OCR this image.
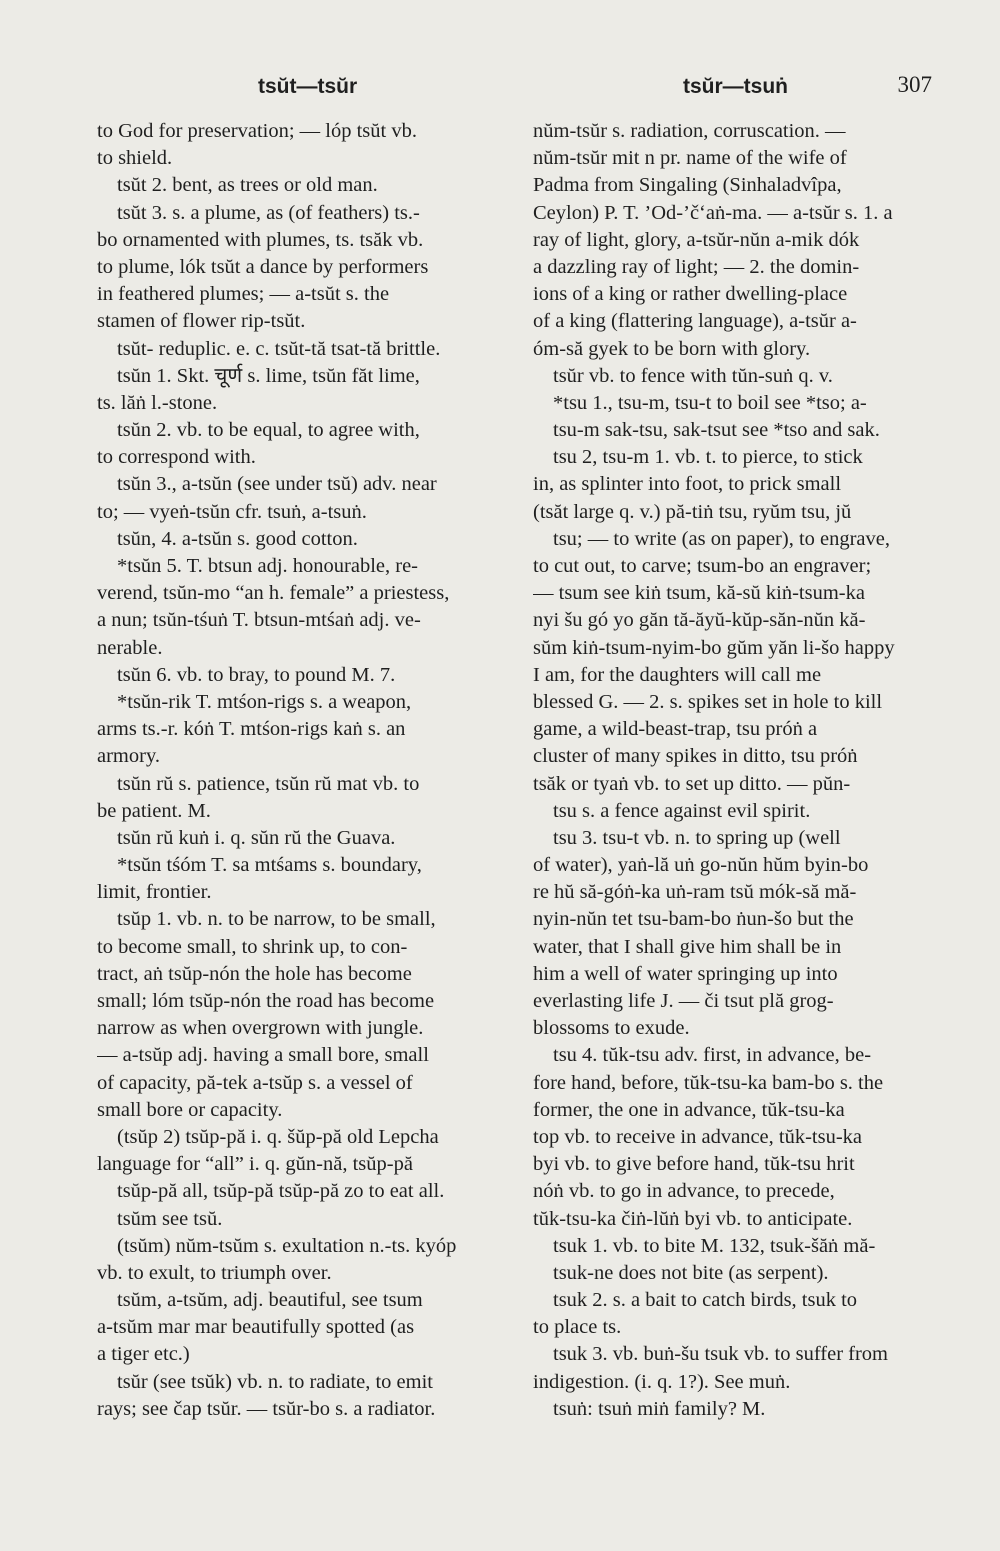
tsŭt—tsŭr	tsŭr—tsuṅ	307
to God for preservation; — lóp tsŭt vb.
to shield.
tsŭt 2. bent, as trees or old man.
tsŭt 3. s. a plume, as (of feathers) ts.-
bo ornamented with plumes, ts. tsăk vb.
to plume, lók tsŭt a dance by performers
in feathered plumes; — a-tsŭt s. the
stamen of flower rip-tsŭt.
tsŭt- reduplic. e. c. tsŭt-tă tsat-tă brittle.
tsŭn 1. Skt. चूर्ण s. lime, tsŭn făt lime,
ts. lăṅ l.-stone.
tsŭn 2. vb. to be equal, to agree with,
to correspond with.
tsŭn 3., a-tsŭn (see under tsŭ) adv. near
to; — vyeṅ-tsŭn cfr. tsuṅ, a-tsuṅ.
tsŭn, 4. a-tsŭn s. good cotton.
*tsŭn 5. T. btsun adj. honourable, re-
verend, tsŭn-mo “an h. female” a priestess,
a nun; tsŭn-tśuṅ T. btsun-mtśaṅ adj. ve-
nerable.
tsŭn 6. vb. to bray, to pound M. 7.
*tsŭn-rik T. mtśon-rigs s. a weapon,
arms ts.-r. kóṅ T. mtśon-rigs kaṅ s. an
armory.
tsŭn rŭ s. patience, tsŭn rŭ mat vb. to
be patient. M.
tsŭn rŭ kuṅ i. q. sŭn rŭ the Guava.
*tsŭn tśóm T. sa mtśams s. boundary,
limit, frontier.
tsŭp 1. vb. n. to be narrow, to be small,
to become small, to shrink up, to con-
tract, aṅ tsŭp-nón the hole has become
small; lóm tsŭp-nón the road has become
narrow as when overgrown with jungle.
— a-tsŭp adj. having a small bore, small
of capacity, pă-tek a-tsŭp s. a vessel of
small bore or capacity.
(tsŭp 2) tsŭp-pă i. q. šŭp-pă old Lepcha
language for “all” i. q. gŭn-nă, tsŭp-pă
tsŭp-pă all, tsŭp-pă tsŭp-pă zo to eat all.
tsŭm see tsŭ.
(tsŭm) nŭm-tsŭm s. exultation n.-ts. kyóp
vb. to exult, to triumph over.
tsŭm, a-tsŭm, adj. beautiful, see tsum
a-tsŭm mar mar beautifully spotted (as
a tiger etc.)
tsŭr (see tsŭk) vb. n. to radiate, to emit
rays; see čap tsŭr. — tsŭr-bo s. a radiator.
nŭm-tsŭr s. radiation, corruscation. —
nŭm-tsŭr mit n pr. name of the wife of
Padma from Singaling (Sinhaladvîpa,
Ceylon) P. T. ’Od-’č‘aṅ-ma. — a-tsŭr s. 1. a
ray of light, glory, a-tsŭr-nŭn a-mik dók
a dazzling ray of light; — 2. the domin-
ions of a king or rather dwelling-place
of a king (flattering language), a-tsŭr a-
óm-să gyek to be born with glory.
tsŭr vb. to fence with tŭn-suṅ q. v.
*tsu 1., tsu-m, tsu-t to boil see *tso; a-
tsu-m sak-tsu, sak-tsut see *tso and sak.
tsu 2, tsu-m 1. vb. t. to pierce, to stick
in, as splinter into foot, to prick small
(tsăt large q. v.) pă-tiṅ tsu, ryŭm tsu, jŭ
tsu; — to write (as on paper), to engrave,
to cut out, to carve; tsum-bo an engraver;
— tsum see kiṅ tsum, kă-sŭ kiṅ-tsum-ka
nyi šu gó yo găn tă-ăyŭ-kŭp-săn-nŭn kă-
sŭm kiṅ-tsum-nyim-bo gŭm yăn li-šo happy
I am, for the daughters will call me
blessed G. — 2. s. spikes set in hole to kill
game, a wild-beast-trap, tsu próṅ a
cluster of many spikes in ditto, tsu próṅ
tsăk or tyaṅ vb. to set up ditto. — pŭn-
tsu s. a fence against evil spirit.
tsu 3. tsu-t vb. n. to spring up (well
of water), yaṅ-lă uṅ go-nŭn hŭm byin-bo
re hŭ să-góṅ-ka uṅ-ram tsŭ mók-să mă-
nyin-nŭn tet tsu-bam-bo ṅun-šo but the
water, that I shall give him shall be in
him a well of water springing up into
everlasting life J. — či tsut plă grog-
blossoms to exude.
tsu 4. tŭk-tsu adv. first, in advance, be-
fore hand, before, tŭk-tsu-ka bam-bo s. the
former, the one in advance, tŭk-tsu-ka
top vb. to receive in advance, tŭk-tsu-ka
byi vb. to give before hand, tŭk-tsu hrit
nóṅ vb. to go in advance, to precede,
tŭk-tsu-ka čiṅ-lŭṅ byi vb. to anticipate.
tsuk 1. vb. to bite M. 132, tsuk-šăṅ mă-
tsuk-ne does not bite (as serpent).
tsuk 2. s. a bait to catch birds, tsuk to
to place ts.
tsuk 3. vb. buṅ-šu tsuk vb. to suffer from
indigestion. (i. q. 1?). See muṅ.
tsuṅ: tsuṅ miṅ family? M.
